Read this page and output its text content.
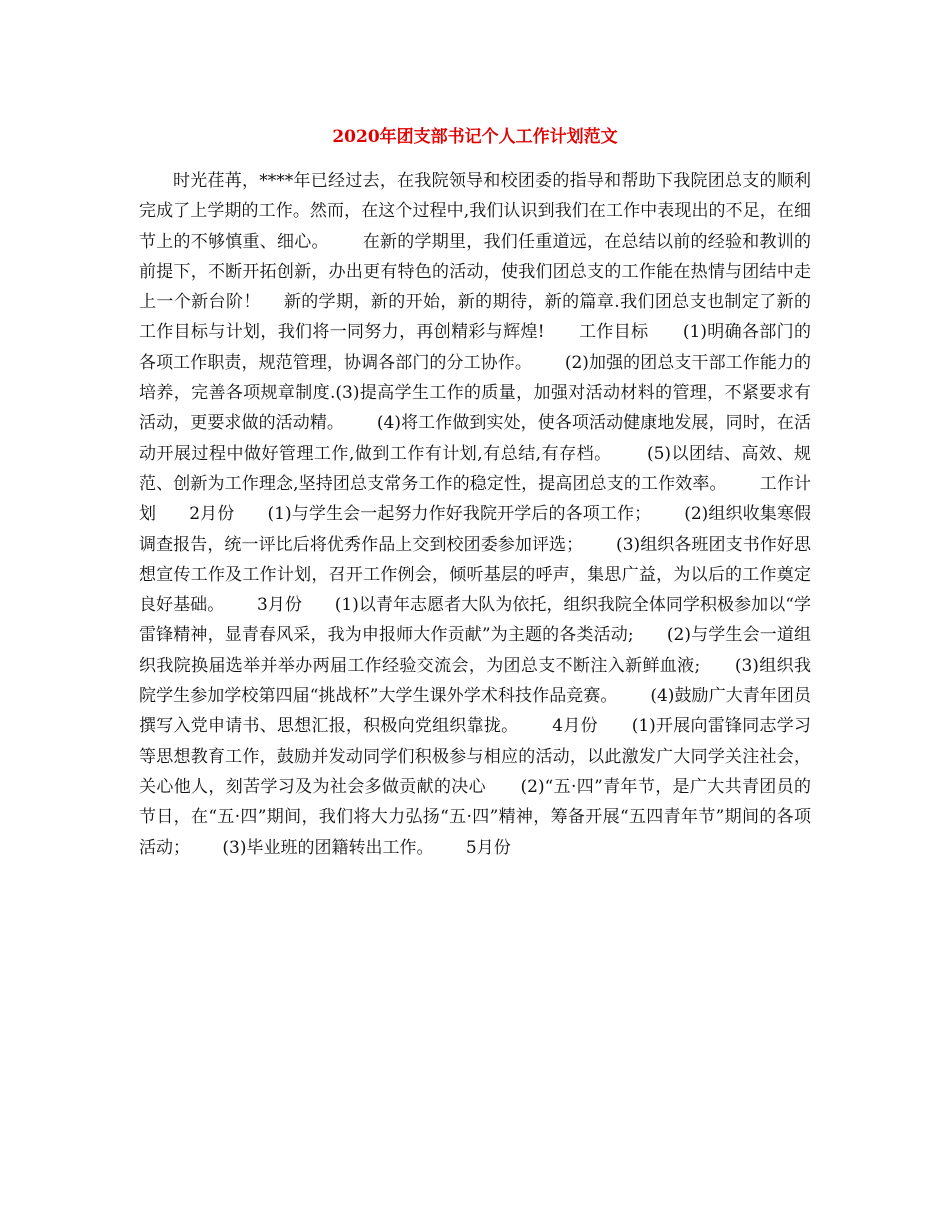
2020年团支部书记个人工作计划范文

时光荏苒，****年已经过去，在我院领导和校团委的指导和帮助下我院团总支的顺利完成了上学期的工作。然而，在这个过程中,我们认识到我们在工作中表现出的不足，在细节上的不够慎重、细心。      在新的学期里，我们任重道远，在总结以前的经验和教训的前提下，不断开拓创新，办出更有特色的活动，使我们团总支的工作能在热情与团结中走上一个新台阶！    新的学期，新的开始，新的期待，新的篇章.我们团总支也制定了新的工作目标与计划，我们将一同努力，再创精彩与辉煌!      工作目标      (1)明确各部门的各项工作职责，规范管理，协调各部门的分工协作。      (2)加强的团总支干部工作能力的培养，完善各项规章制度.(3)提高学生工作的质量，加强对活动材料的管理，不紧要求有活动，更要求做的活动精。      (4)将工作做到实处，使各项活动健康地发展，同时，在活动开展过程中做好管理工作,做到工作有计划,有总结,有存档。      (5)以团结、高效、规范、创新为工作理念,坚持团总支常务工作的稳定性，提高团总支的工作效率。      工作计划      2月份      (1)与学生会一起努力作好我院开学后的各项工作；      (2)组织收集寒假调查报告，统一评比后将优秀作品上交到校团委参加评选；      (3)组织各班团支书作好思想宣传工作及工作计划，召开工作例会，倾听基层的呼声，集思广益，为以后的工作奠定良好基础。      3月份      (1)以青年志愿者大队为依托，组织我院全体同学积极参加以“学雷锋精神，显青春风采，我为申报师大作贡献”为主题的各类活动;      (2)与学生会一道组织我院换届选举并举办两届工作经验交流会，为团总支不断注入新鲜血液;      (3)组织我院学生参加学校第四届“挑战杯”大学生课外学术科技作品竞赛。      (4)鼓励广大青年团员撰写入党申请书、思想汇报，积极向党组织靠拢。      4月份      (1)开展向雷锋同志学习等思想教育工作，鼓励并发动同学们积极参与相应的活动，以此激发广大同学关注社会，关心他人，刻苦学习及为社会多做贡献的决心      (2)“五·四”青年节，是广大共青团员的节日，在“五·四”期间，我们将大力弘扬“五·四”精神，筹备开展“五四青年节”期间的各项活动；      (3)毕业班的团籍转出工作。      5月份
